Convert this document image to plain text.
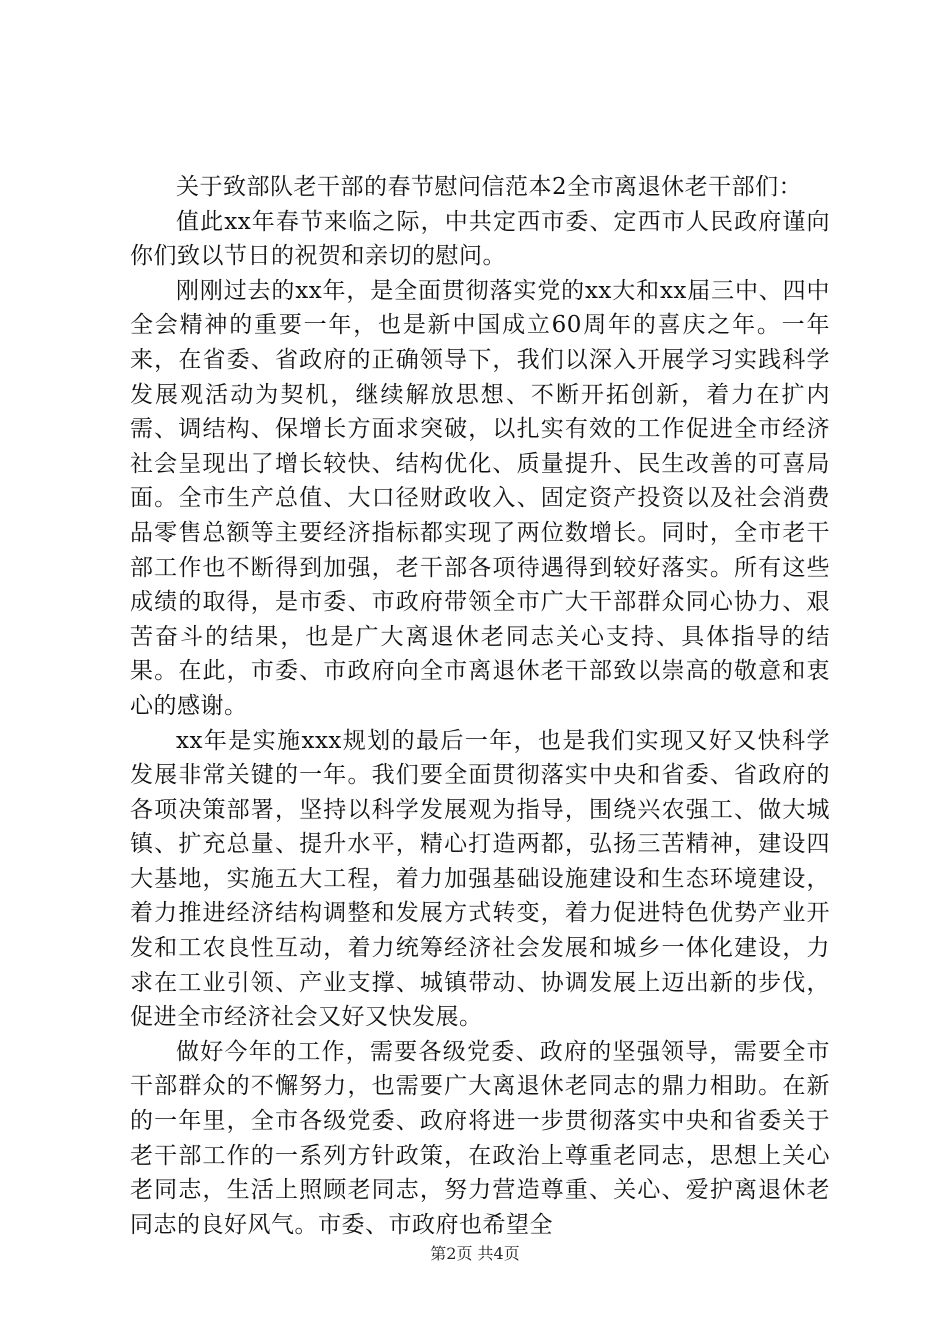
关于致部队老干部的春节慰问信范本2全市离退休老干部们：

值此xx年春节来临之际，中共定西市委、定西市人民政府谨向你们致以节日的祝贺和亲切的慰问。

刚刚过去的xx年，是全面贯彻落实党的xx大和xx届三中、四中全会精神的重要一年，也是新中国成立60周年的喜庆之年。一年来，在省委、省政府的正确领导下，我们以深入开展学习实践科学发展观活动为契机，继续解放思想、不断开拓创新，着力在扩内需、调结构、保增长方面求突破，以扎实有效的工作促进全市经济社会呈现出了增长较快、结构优化、质量提升、民生改善的可喜局面。全市生产总值、大口径财政收入、固定资产投资以及社会消费品零售总额等主要经济指标都实现了两位数增长。同时，全市老干部工作也不断得到加强，老干部各项待遇得到较好落实。所有这些成绩的取得，是市委、市政府带领全市广大干部群众同心协力、艰苦奋斗的结果，也是广大离退休老同志关心支持、具体指导的结果。在此，市委、市政府向全市离退休老干部致以崇高的敬意和衷心的感谢。

xx年是实施xxx规划的最后一年，也是我们实现又好又快科学发展非常关键的一年。我们要全面贯彻落实中央和省委、省政府的各项决策部署，坚持以科学发展观为指导，围绕兴农强工、做大城镇、扩充总量、提升水平，精心打造两都，弘扬三苦精神，建设四大基地，实施五大工程，着力加强基础设施建设和生态环境建设，着力推进经济结构调整和发展方式转变，着力促进特色优势产业开发和工农良性互动，着力统筹经济社会发展和城乡一体化建设，力求在工业引领、产业支撑、城镇带动、协调发展上迈出新的步伐，促进全市经济社会又好又快发展。

做好今年的工作，需要各级党委、政府的坚强领导，需要全市干部群众的不懈努力，也需要广大离退休老同志的鼎力相助。在新的一年里，全市各级党委、政府将进一步贯彻落实中央和省委关于老干部工作的一系列方针政策，在政治上尊重老同志，思想上关心老同志，生活上照顾老同志，努力营造尊重、关心、爱护离退休老同志的良好风气。市委、市政府也希望全

第2页 共4页
